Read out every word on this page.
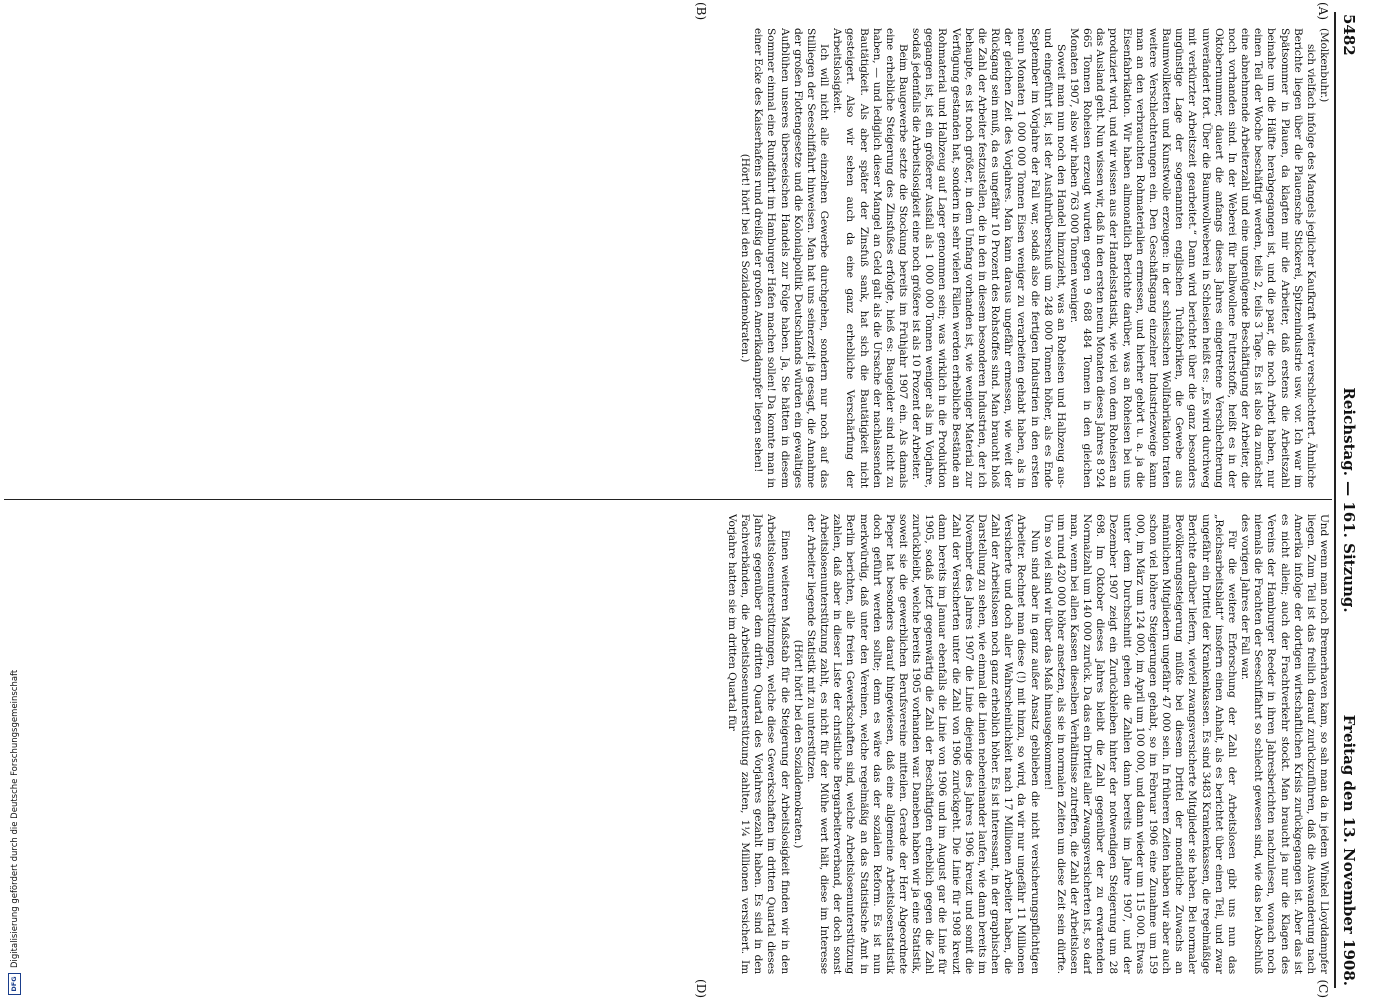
5482
Reichstag. — 161. Sitzung.
Freitag den 13. November 1908.
(A)
(B)
(C)
(D)

(Molkenbuhr.)

sich vielfach infolge des Mangels jeglicher Kaufkraft weiter verschlechtert. Ähnliche Berichte liegen über die Plauensche Stickerei, Spitzenindustrie usw. vor. Ich war im Spätsommer in Plauen, da klagten mir die Arbeiter, daß erstens die Arbeitszahl beinahe um die Hälfte herabgegangen ist, und die paar, die noch Arbeit haben, nur einen Teil der Woche beschäftigt werden, teils 2, teils 3 Tage. Es ist also da zunächst eine abnehmende Arbeiterzahl und eine ungenügende Beschäftigung der Arbeiter, die noch vorhanden sind. In der Weberei für halbwollene Futterstoffe, heißt es in der Oktobernummer, dauert die anfangs dieses Jahres eingetretene Verschlechterung unverändert fort. Über die Baumwollweberei in Schlesien heißt es: „Es wird durchweg mit verkürzter Arbeitszeit gearbeitet.“ Dann wird berichtet über die ganz besonders ungünstige Lage der sogenannten englischen Tuchfabriken, die Gewebe aus Baumwollketten und Kunstwolle erzeugen: in der schlesischen Wollfabrikation traten weitere Verschlechterungen ein. Den Geschäftsgang einzelner Industriezweige kann man an den verbrauchten Rohmaterialien ermessen, und hierher gehört u. a. ja die Eisenfabrikation. Wir haben allmonatlich Berichte darüber, was an Roheisen bei uns produziert wird, und wir wissen aus der Handelsstatistik, wie viel von dem Roheisen an das Ausland geht. Nun wissen wir, daß in den ersten neun Monaten dieses Jahres 8 924 665 Tonnen Roheisen erzeugt wurden gegen 9 688 484 Tonnen in den gleichen Monaten 1907, also wir haben 763 000 Tonnen weniger.

Soweit man nun noch den Handel hinzuzieht, was an Roheisen und Halbzeug aus- und eingeführt ist, ist der Ausfuhrüberschuß um 248 000 Tonnen höher, als es Ende September im Vorjahre der Fall war, sodaß also die fertigen Industrien in den ersten neun Monaten 1 000 000 Tonnen Eisen weniger zu verarbeiten gehabt haben, als in der gleichen Zeit des Vorjahres. Man kann daraus ungefähr ermessen, wie weit der Rückgang sein muß, da es ungefähr 10 Prozent des Rohstoffes sind. Man braucht bloß die Zahl der Arbeiter festzustellen, die in den in diesem besonderen Industrien, der ich behaupte, es ist noch größer, in dem Umfang vorhanden ist, wie weniger Material zur Verfügung gestanden hat, sondern in sehr vielen Fällen werden erhebliche Bestände an Rohmaterial und Halbzeug auf Lager genommen sein; was wirklich in die Produktion gegangen ist, ist ein größerer Ausfall als 1 000 000 Tonnen weniger als im Vorjahre, sodaß jedenfalls die Arbeitslosigkeit eine noch größere ist als 10 Prozent der Arbeiter.

Beim Baugewerbe setzte die Stockung bereits im Frühjahr 1907 ein. Als damals eine erhebliche Steigerung des Zinsfußes erfolgte, hieß es: Baugelder sind nicht zu haben, — und lediglich dieser Mangel an Geld galt als die Ursache der nachlassenden Bautätigkeit. Als aber später der Zinsfuß sank, hat sich die Bautätigkeit nicht gesteigert. Also wir sehen auch da eine ganz erhebliche Verschärfung der Arbeitslosigkeit.

Ich will nicht alle einzelnen Gewerbe durchgehen, sondern nur noch auf das Stilliegen der Seeschiffahrt hinweisen. Man hat uns seinerzeit ja gesagt, die Annahme der großen Flottengesetze und die Kolonialpolitik Deutschlands würden ein gewaltiges Aufblühen unseres überseeischen Handels zur Folge haben. Ja, Sie hätten in diesem Sommer einmal eine Rundfahrt im Hamburger Hafen machen sollen! Da konnte man in einer Ecke des Kaiserhafens rund dreißig der großen Amerikadampfer liegen sehen!

(Hört! hört! bei den Sozialdemokraten.)

Und wenn man noch Bremerhaven kam, so sah man da in jedem Winkel Lloyddampfer liegen. Zum Teil ist das freilich darauf zurückzuführen, daß die Auswanderung nach Amerika infolge der dortigen wirtschaftlichen Krisis zurückgegangen ist. Aber das ist es nicht allein; auch der Frachtverkehr stockt. Man braucht ja nur die Klagen des Vereins der Hamburger Reeder in ihren Jahresberichten nachzulesen, wonach noch niemals die Frachten der Seeschiffahrt so schlecht gewesen sind, wie das bei Abschluß des vorigen Jahres der Fall war.

Für die weitere Erforschung der Zahl der Arbeitslosen gibt uns nun das „Reichsarbeitsblatt“ insofern einen Anhalt, als es berichtet über einen Teil, und zwar ungefähr ein Drittel der Krankenkassen. Es sind 3483 Krankenkassen, die regelmäßige Berichte darüber liefern, wieviel zwangsversicherte Mitglieder sie haben. Bei normaler Bevölkerungssteigerung müßte bei diesem Drittel der monatliche Zuwachs an männlichen Mitgliedern ungefähr 47 000 sein. In früheren Zeiten haben wir aber auch schon viel höhere Steigerungen gehabt, so im Februar 1906 eine Zunahme um 159 000, im März um 124 000, im April um 100 000, und dann wieder um 115 000. Etwas unter dem Durchschnitt gehen die Zahlen dann bereits im Jahre 1907, und der Dezember 1907 zeigt ein Zurückbleiben hinter der notwendigen Steigerung um 28 698. Im Oktober dieses Jahres bleibt die Zahl gegenüber der zu erwartenden Normalzahl um 140 000 zurück. Da das ein Drittel aller Zwangsversicherten ist, so darf man, wenn bei allen Kassen dieselben Verhältnisse zutreffen, die Zahl der Arbeitslosen um rund 420 000 höher ansetzen, als sie in normalen Zeiten um diese Zeit sein dürfte. Um so viel sind wir über das Maß hinausgekommen!

Nun sind aber in ganz außer Ansatz geblieben die nicht versicherungspflichtigen Arbeiter. Rechnet man diese (!) mit hinzu, so wird, da wir nur ungefähr 11 Millionen Versicherte und doch aller Wahrscheinlichkeit nach 17 Millionen Arbeiter haben, die Zahl der Arbeitslosen noch ganz erheblich höher. Es ist interessant, in der graphischen Darstellung zu sehen, wie einmal die Linien nebeneinander laufen, wie dann bereits im November des Jahres 1907 die Linie diejenige des Jahres 1906 kreuzt und somit die Zahl der Versicherten unter die Zahl von 1906 zurückgeht. Die Linie für 1908 kreuzt dann bereits im Januar ebenfalls die Linie von 1906 und im August gar die Linie für 1905, sodaß jetzt gegenwärtig die Zahl der Beschäftigten erheblich gegen die Zahl zurückbleibt, welche bereits 1905 vorhanden war. Daneben haben wir ja eine Statistik, soweit sie die gewerblichen Berufsvereine mitteilen. Gerade der Herr Abgeordnete Pieper hat besonders darauf hingewiesen, daß eine allgemeine Arbeitslosenstatistik doch geführt werden sollte; denn es wäre das der sozialen Reform. Es ist nun merkwürdig, daß unter den Vereinen, welche regelmäßig an das Statistische Amt in Berlin berichten, alle freien Gewerkschaften sind, welche Arbeitslosenunterstützung zahlen, daß aber in dieser Liste der christliche Bergarbeiterverband, der doch sonst Arbeitslosenunterstützung zahlt, es nicht für der Mühe wert hält, diese im Interesse der Arbeiter liegende Statistik mit zu unterstützen.

(Hört! hört! bei den Sozialdemokraten.)

Einen weiteren Maßstab für die Steigerung der Arbeitslosigkeit finden wir in den Arbeitslosenunterstützungen, welche diese Gewerkschaften im dritten Quartal dieses Jahres gegenüber dem dritten Quartal des Vorjahres gezahlt haben. Es sind in den Fachverbänden, die Arbeitslosenunterstützung zahlten, 1¼ Millionen versichert. Im Vorjahre hatten sie im dritten Quartal für

DFGDigitalisierung gefördert durch die Deutsche Forschungsgemeinschaft
